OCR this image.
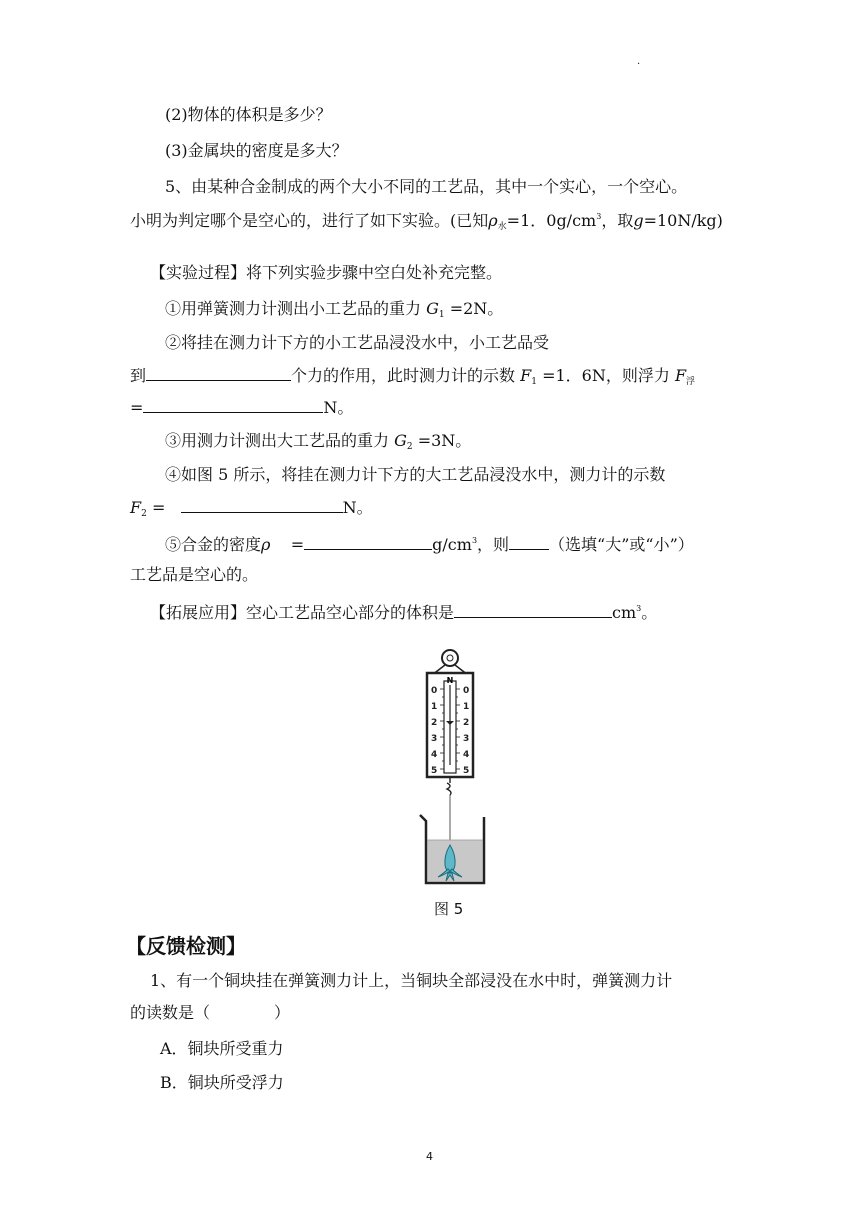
.
(2)物体的体积是多少？
(3)金属块的密度是多大？
5、由某种合金制成的两个大小不同的工艺品，其中一个实心，一个空心。
小明为判定哪个是空心的，进行了如下实验。(已知$\rho_水=1$．$0g/cm^3$，取g=10N/kg)
【实验过程】将下列实验步骤中空白处补充完整。
①用弹簧测力计测出小工艺品的重力 $G_1 =2N$。
②将挂在测力计下方的小工艺品浸没水中，小工艺品受
到	个力的作用，此时测力计的示数 $F_1 =1$．6N，则浮力 $F_浮$
=	N。
③用测力计测出大工艺品的重力 $G_2 =3N$。
④如图 5 所示，将挂在测力计下方的大工艺品浸没水中，测力计的示数
$F_2$ =	N。
⑤合金的密度ρ =	$g/cm^3$，则	（选填“大”或“小”）
工艺品是空心的。
【拓展应用】空心工艺品空心部分的体积是	$cm^3$。
N
0
1
2
3
4
5
0
1
2
3
4
5
图 5
【反馈检测】
1、有一个铜块挂在弹簧测力计上，当铜块全部浸没在水中时，弹簧测力计
的读数是（　　　　）
A．铜块所受重力
B．铜块所受浮力
4
